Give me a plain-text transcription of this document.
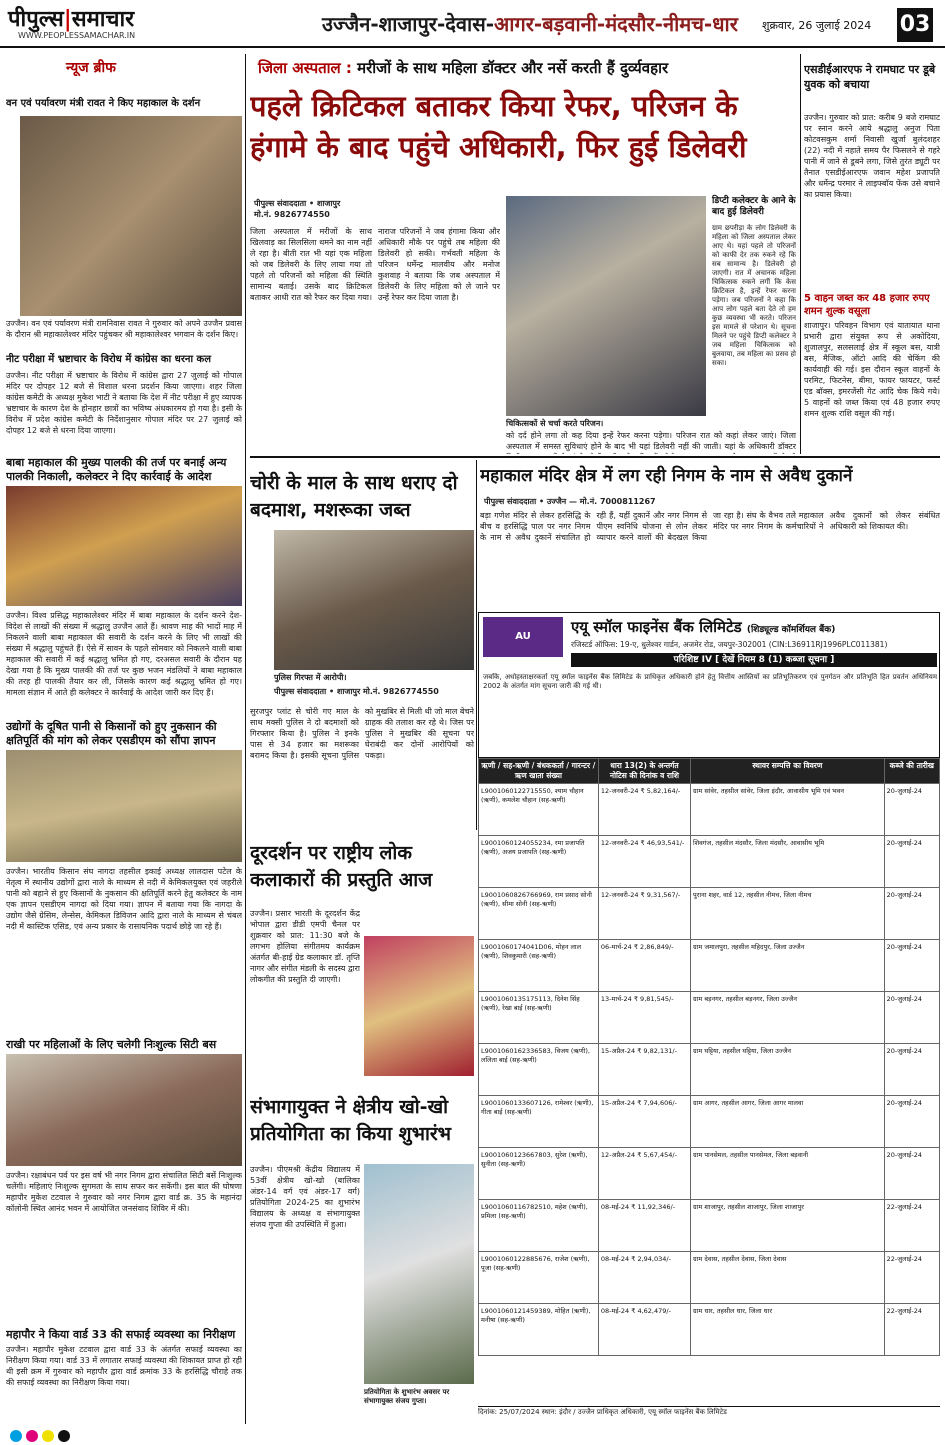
पीपुल्स|समाचार
WWW.PEOPLESSAMACHAR.IN	उज्जैन-शाजापुर-देवास-आगर-बड़वानी-मंदसौर-नीमच-धार शुक्रवार, 26 जुलाई 2024 03
न्यूज ब्रीफ
वन एवं पर्यावरण मंत्री रावत ने किए महाकाल के दर्शन
उज्जैन। वन एवं पर्यावरण मंत्री रामनिवास रावत ने गुरुवार को अपने उज्जैन प्रवास के दौरान श्री महाकालेश्वर मंदिर पहुंचकर श्री महाकालेश्वर भगवान के दर्शन किए।
नीट परीक्षा में भ्रष्टाचार के विरोध में कांग्रेस का धरना कल
उज्जैन। नीट परीक्षा में भ्रष्टाचार के विरोध में कांग्रेस द्वारा 27 जुलाई को गोपाल मंदिर पर दोपहर 12 बजे से विशाल धरना प्रदर्शन किया जाएगा। शहर जिला कांग्रेस कमेटी के अध्यक्ष मुकेश भाटी ने बताया कि देश में नीट परीक्षा में हुए व्यापक भ्रष्टाचार के कारण देश के होनहार छात्रों का भविष्य अंधकारमय हो गया है। इसी के विरोध में प्रदेश कांग्रेस कमेटी के निर्देशानुसार गोपाल मंदिर पर 27 जुलाई को दोपहर 12 बजे से धरना दिया जाएगा।
बाबा महाकाल की मुख्य पालकी की तर्ज पर बनाई अन्य पालकी निकाली, कलेक्टर ने दिए कार्रवाई के आदेश
उज्जैन। विश्व प्रसिद्ध महाकालेश्वर मंदिर में बाबा महाकाल के दर्शन करने देश-विदेश से लाखों की संख्या में श्रद्धालु उज्जैन आते हैं। श्रावण माह की भादों माह में निकलने वाली बाबा महाकाल की सवारी के दर्शन करने के लिए भी लाखों की संख्या में श्रद्धालु पहुंचते हैं। ऐसे में सावन के पहले सोमवार को निकलने वाली बाबा महाकाल की सवारी में कई श्रद्धालु भ्रमित हो गए, दरअसल सवारी के दौरान यह देखा गया है कि मुख्य पालकी की तर्ज पर कुछ भजन मंडलियों ने बाबा महाकाल की तरह ही पालकी तैयार कर ली, जिसके कारण कई श्रद्धालु भ्रमित हो गए। मामला संज्ञान में आते ही कलेक्टर ने कार्रवाई के आदेश जारी कर दिए हैं।
उद्योगों के दूषित पानी से किसानों को हुए नुकसान की क्षतिपूर्ति की मांग को लेकर एसडीएम को सौंपा ज्ञापन
उज्जैन। भारतीय किसान संघ नागदा तहसील इकाई अध्यक्ष लालदास पटेल के नेतृत्व में स्थानीय उद्योगों द्वारा नाले के माध्यम से नदी में केमिकलयुक्त एवं जहरीले पानी को बहाने से हुए किसानों के नुकसान की क्षतिपूर्ति करने हेतु कलेक्टर के नाम एक ज्ञापन एसडीएम नागदा को दिया गया। ज्ञापन में बताया गया कि नागदा के उद्योग जैसे ग्रेसिम, लेन्सेस, केमिकल डिविजन आदि द्वारा नाले के माध्यम से चंबल नदी में कास्टिक एसिड, एवं अन्य प्रकार के रासायनिक पदार्थ छोड़े जा रहे हैं।
राखी पर महिलाओं के लिए चलेगी निःशुल्क सिटी बस
उज्जैन। रक्षाबंधन पर्व पर इस वर्ष भी नगर निगम द्वारा संचालित सिटी बसें निःशुल्क चलेंगी। महिलाएं निःशुल्क सुगमता के साथ सफर कर सकेंगी। इस बात की घोषणा महापौर मुकेश टटवाल ने गुरुवार को नगर निगम द्वारा वार्ड क्र. 35 के महानंदा कॉलोनी स्थित आनंद भवन में आयोजित जनसंवाद शिविर में की।
महापौर ने किया वार्ड 33 की सफाई व्यवस्था का निरीक्षण
उज्जैन। महापौर मुकेश टटवाल द्वारा वार्ड 33 के अंतर्गत सफाई व्यवस्था का निरीक्षण किया गया। वार्ड 33 में लगातार सफाई व्यवस्था की शिकायत प्राप्त हो रही थी इसी क्रम में गुरुवार को महापौर द्वारा वार्ड क्रमांक 33 के हरसिद्धि चौराहे तक की सफाई व्यवस्था का निरीक्षण किया गया।
जिला अस्पताल : मरीजों के साथ महिला डॉक्टर और नर्से करती हैं दुर्व्यवहार
पहले क्रिटिकल बताकर किया रेफर, परिजन के हंगामे के बाद पहुंचे अधिकारी, फिर हुई डिलेवरी
पीपुल्स संवाददाता • शाजापुर
मो.नं. 9826774550
जिला अस्पताल में मरीजों के साथ खिलवाड़ का सिलसिला थमने का नाम नहीं ले रहा है। बीती रात भी यहां एक महिला को जब डिलेवरी के लिए लाया गया तो पहले तो परिजनों को महिला की स्थिति सामान्य बताई। उसके बाद क्रिटिकल बताकर आधी रात को रैफर कर दिया गया। नाराज परिजनों ने जब हंगामा किया और अधिकारी मौके पर पहुंचे तब महिला की डिलेवरी हो सकी। गर्भवती महिला के परिजन धर्मेन्द्र मालवीय और मनोज कुशवाह ने बताया कि जब अस्पताल में डिलेवरी के लिए महिला को ले जाने पर उन्हें रेफर कर दिया जाता है।
चिकित्सकों से चर्चा करते परिजन।
को दर्द होने लगा तो कह दिया इन्हें रेफर करना पड़ेगा। परिजन रात को कहां लेकर जाएं। जिला अस्पताल में समस्त सुविधाएं होने के बाद भी यहां डिलेवरी नहीं की जाती। यहां के अधिकारी डॉक्टर
डिप्टी कलेक्टर के आने के बाद हुई डिलेवरी
ग्राम छपरीड़ा के लोग डिलेवरी के महिला को जिला अस्पताल लेकर आए थे। यहां पहले तो परिजनों को काफी देर तक रुकने रहे कि सब सामान्य है। डिलेवरी हो जाएगी। रात में अचानक महिला चिकित्सक रुकने लगीं कि केस क्रिटिकल है, इन्हें रेफर करना पड़ेगा। जब परिजनों ने कहा कि आप लोग पहले बता देते तो हम कुछ व्यवस्था भी करते। परिजन इस मामले से परेशान थे। सूचना मिलने पर पहुंचे डिप्टी कलेक्टर ने जब महिला चिकित्सक को बुलवाया, तब महिला का प्रसव हो सका।
एसडीईआरएफ ने रामघाट पर डूबे युवक को बचाया
उज्जैन। गुरुवार को प्रात: करीब 9 बजे रामघाट पर स्नान करने आये श्रद्धालु अनुज पिता कोटवसकुम शर्मा निवासी खुर्जा बुलंदशहर (22) नदी में नहाते समय पैर फिसलने से गहरे पानी में जाने से डूबने लगा, जिसे तुरंत ड्यूटी पर तैनात एसडीईआरएफ जवान महेश प्रजापति और धर्मेन्द्र परमार ने लाइफ्बॉय फेंक उसे बचाने का प्रयास किया।
5 वाहन जब्त कर 48 हजार रुपए शमन शुल्क वसूला
शाजापुर। परिवहन विभाग एवं यातायात थाना प्रभारी द्वारा संयुक्त रूप से अकोदिया, शुजालपुर, सलसलाई क्षेत्र में स्कूल बस, यात्री बस, मैजिक, ऑटो आदि की चेकिंग की कार्यवाही की गई। इस दौरान स्कूल वाहनों के परमिट, फिटनेस, बीमा, फायर फायटर, फर्स्ट एड बॉक्स, इमरजेंसी गेट आदि चेक किये गये। 5 वाहनों को जब्त किया एवं 48 हजार रुपए शमन शुल्क राशि वसूल की गई।
चोरी के माल के साथ धराए दो बदमाश, मशरूका जब्त
पुलिस गिरफ्त में आरोपी।
पीपुल्स संवाददाता • शाजापुर मो.नं. 9826774550
सुरजपुर प्लांट से चोरी गए माल के साथ मक्सी पुलिस ने दो बदमाशों को गिरफ्तार किया है। पुलिस ने इनके पास से 34 हजार का मशरूका बरामद किया है। इसकी सूचना पुलिस को मुखबिर से मिली थी जो माल बेचने ग्राहक की तलाश कर रहे थे। जिस पर पुलिस ने मुखबिर की सूचना पर घेराबंदी कर दोनों आरोपियों को पकड़ा।
महाकाल मंदिर क्षेत्र में लग रही निगम के नाम से अवैध दुकानें
पीपुल्स संवाददाता • उज्जैन — मो.नं. 7000811267
बड़ा गणेश मंदिर से लेकर हरसिद्धि के बीच व हरसिद्धि पाल पर नगर निगम के नाम से अवैध दुकानें संचालित हो रही हैं, यहीं दुकानें और नगर निगम से पीएम स्वनिधि योजना से लोन लेकर व्यापार करने वालों की बेदखल किया जा रहा है। संघ के वैभव तले महाकाल मंदिर पर नगर निगम के कर्मचारियों ने अवैध दुकानों को लेकर संबंधित अधिकारी को शिकायत की।
AU
एयू स्मॉल फाइनेंस बैंक लिमिटेड (शिड्यूल्ड कॉमर्शियल बैंक)
रजिस्टर्ड ऑफिस: 19-ए, धुलेश्वर गार्डन, अजमेर रोड, जयपुर-302001 (CIN:L36911RJ1996PLC011381)
परिशिष्ट IV [ देखें नियम 8 (1) कब्जा सूचना ]
जबकि, अधोहस्ताक्षरकर्ता एयू स्मॉल फाइनेंस बैंक लिमिटेड के प्राधिकृत अधिकारी होने हेतु वित्तीय आस्तियों का प्रतिभूतिकरण एवं पुनर्गठन और प्रतिभूति हित प्रवर्तन अधिनियम 2002 के अंतर्गत मांग सूचना जारी की गई थी।
ऋणी / सह-ऋणी / बंधककर्ता / गारन्टर / ऋण खाता संख्या	धारा 13(2) के अन्तर्गत नोटिस की दिनांक व राशि	स्थावर सम्पत्ति का विवरण	कब्जे की तारीख
L9001060122715550, श्याम चौहान (ऋणी), कमलेश चौहान (सह-ऋणी)	12-जनवरी-24 ₹ 5,82,164/-	ग्राम सांवेर, तहसील सांवेर, जिला इंदौर, आवासीय भूमि एवं भवन	20-जुलाई-24
L9001060124055234, रमा प्रजापति (ऋणी), अजय प्रजापति (सह-ऋणी)	12-जनवरी-24 ₹ 46,93,541/-	शिवगंज, तहसील मंदसौर, जिला मंदसौर, आवासीय भूमि	20-जुलाई-24
L9001060826766969, राम प्रसाद सोनी (ऋणी), सीमा सोनी (सह-ऋणी)	12-जनवरी-24 ₹ 9,31,567/-	पुराना शहर, वार्ड 12, तहसील नीमच, जिला नीमच	20-जुलाई-24
L9001060174041D06, मोहन लाल (ऋणी), शिवकुमारी (सह-ऋणी)	06-मार्च-24 ₹ 2,86,849/-	ग्राम जमालपुरा, तहसील महिदपुर, जिला उज्जैन	20-जुलाई-24
L9001060135175113, दिनेश सिंह (ऋणी), रेखा बाई (सह-ऋणी)	13-मार्च-24 ₹ 9,81,545/-	ग्राम बड़नगर, तहसील बड़नगर, जिला उज्जैन	20-जुलाई-24
L9001060162336583, विजय (ऋणी), ललिता बाई (सह-ऋणी)	15-अप्रैल-24 ₹ 9,82,131/-	ग्राम घट्टिया, तहसील घट्टिया, जिला उज्जैन	20-जुलाई-24
L9001060133607126, रामेश्वर (ऋणी), गीता बाई (सह-ऋणी)	15-अप्रैल-24 ₹ 7,94,606/-	ग्राम आगर, तहसील आगर, जिला आगर मालवा	20-जुलाई-24
L9001060123667803, सुरेश (ऋणी), सुनीता (सह-ऋणी)	12-अप्रैल-24 ₹ 5,67,454/-	ग्राम पानसेमल, तहसील पानसेमल, जिला बड़वानी	20-जुलाई-24
L9001060116782510, महेश (ऋणी), प्रमिला (सह-ऋणी)	08-मई-24 ₹ 11,92,346/-	ग्राम शाजापुर, तहसील शाजापुर, जिला शाजापुर	22-जुलाई-24
L9001060122885676, राजेश (ऋणी), पूजा (सह-ऋणी)	08-मई-24 ₹ 2,94,034/-	ग्राम देवास, तहसील देवास, जिला देवास	22-जुलाई-24
L9001060121459389, मोहित (ऋणी), मनीषा (सह-ऋणी)	08-मई-24 ₹ 4,62,479/-	ग्राम धार, तहसील धार, जिला धार	22-जुलाई-24
दिनांक: 25/07/2024 स्थान: इंदौर / उज्जैन प्राधिकृत अधिकारी, एयू स्मॉल फाइनेंस बैंक लिमिटेड
दूरदर्शन पर राष्ट्रीय लोक कलाकारों की प्रस्तुति आज
उज्जैन। प्रसार भारती के दूरदर्शन केंद्र भोपाल द्वारा डीडी एमपी चैनल पर शुक्रवार को प्रात: 11:30 बजे के लगभग होलिया संगीतमय कार्यक्रम अंतर्गत बी-हाई ग्रेड कलाकार डॉ. तृप्ति नागर और संगीत मंडली के सदस्य द्वारा लोकगीत की प्रस्तुति दी जाएगी।
संभागायुक्त ने क्षेत्रीय खो-खो प्रतियोगिता का किया शुभारंभ
उज्जैन। पीएमश्री केंद्रीय विद्यालय में 53वीं क्षेत्रीय खो-खो (बालिका अंडर-14 वर्ग एवं अंडर-17 वर्ग) प्रतियोगिता 2024-25 का शुभारंभ विद्यालय के अध्यक्ष व संभागायुक्त संजय गुप्ता की उपस्थिति में हुआ।
प्रतियोगिता के शुभारंभ अवसर पर संभागायुक्त संजय गुप्ता।
